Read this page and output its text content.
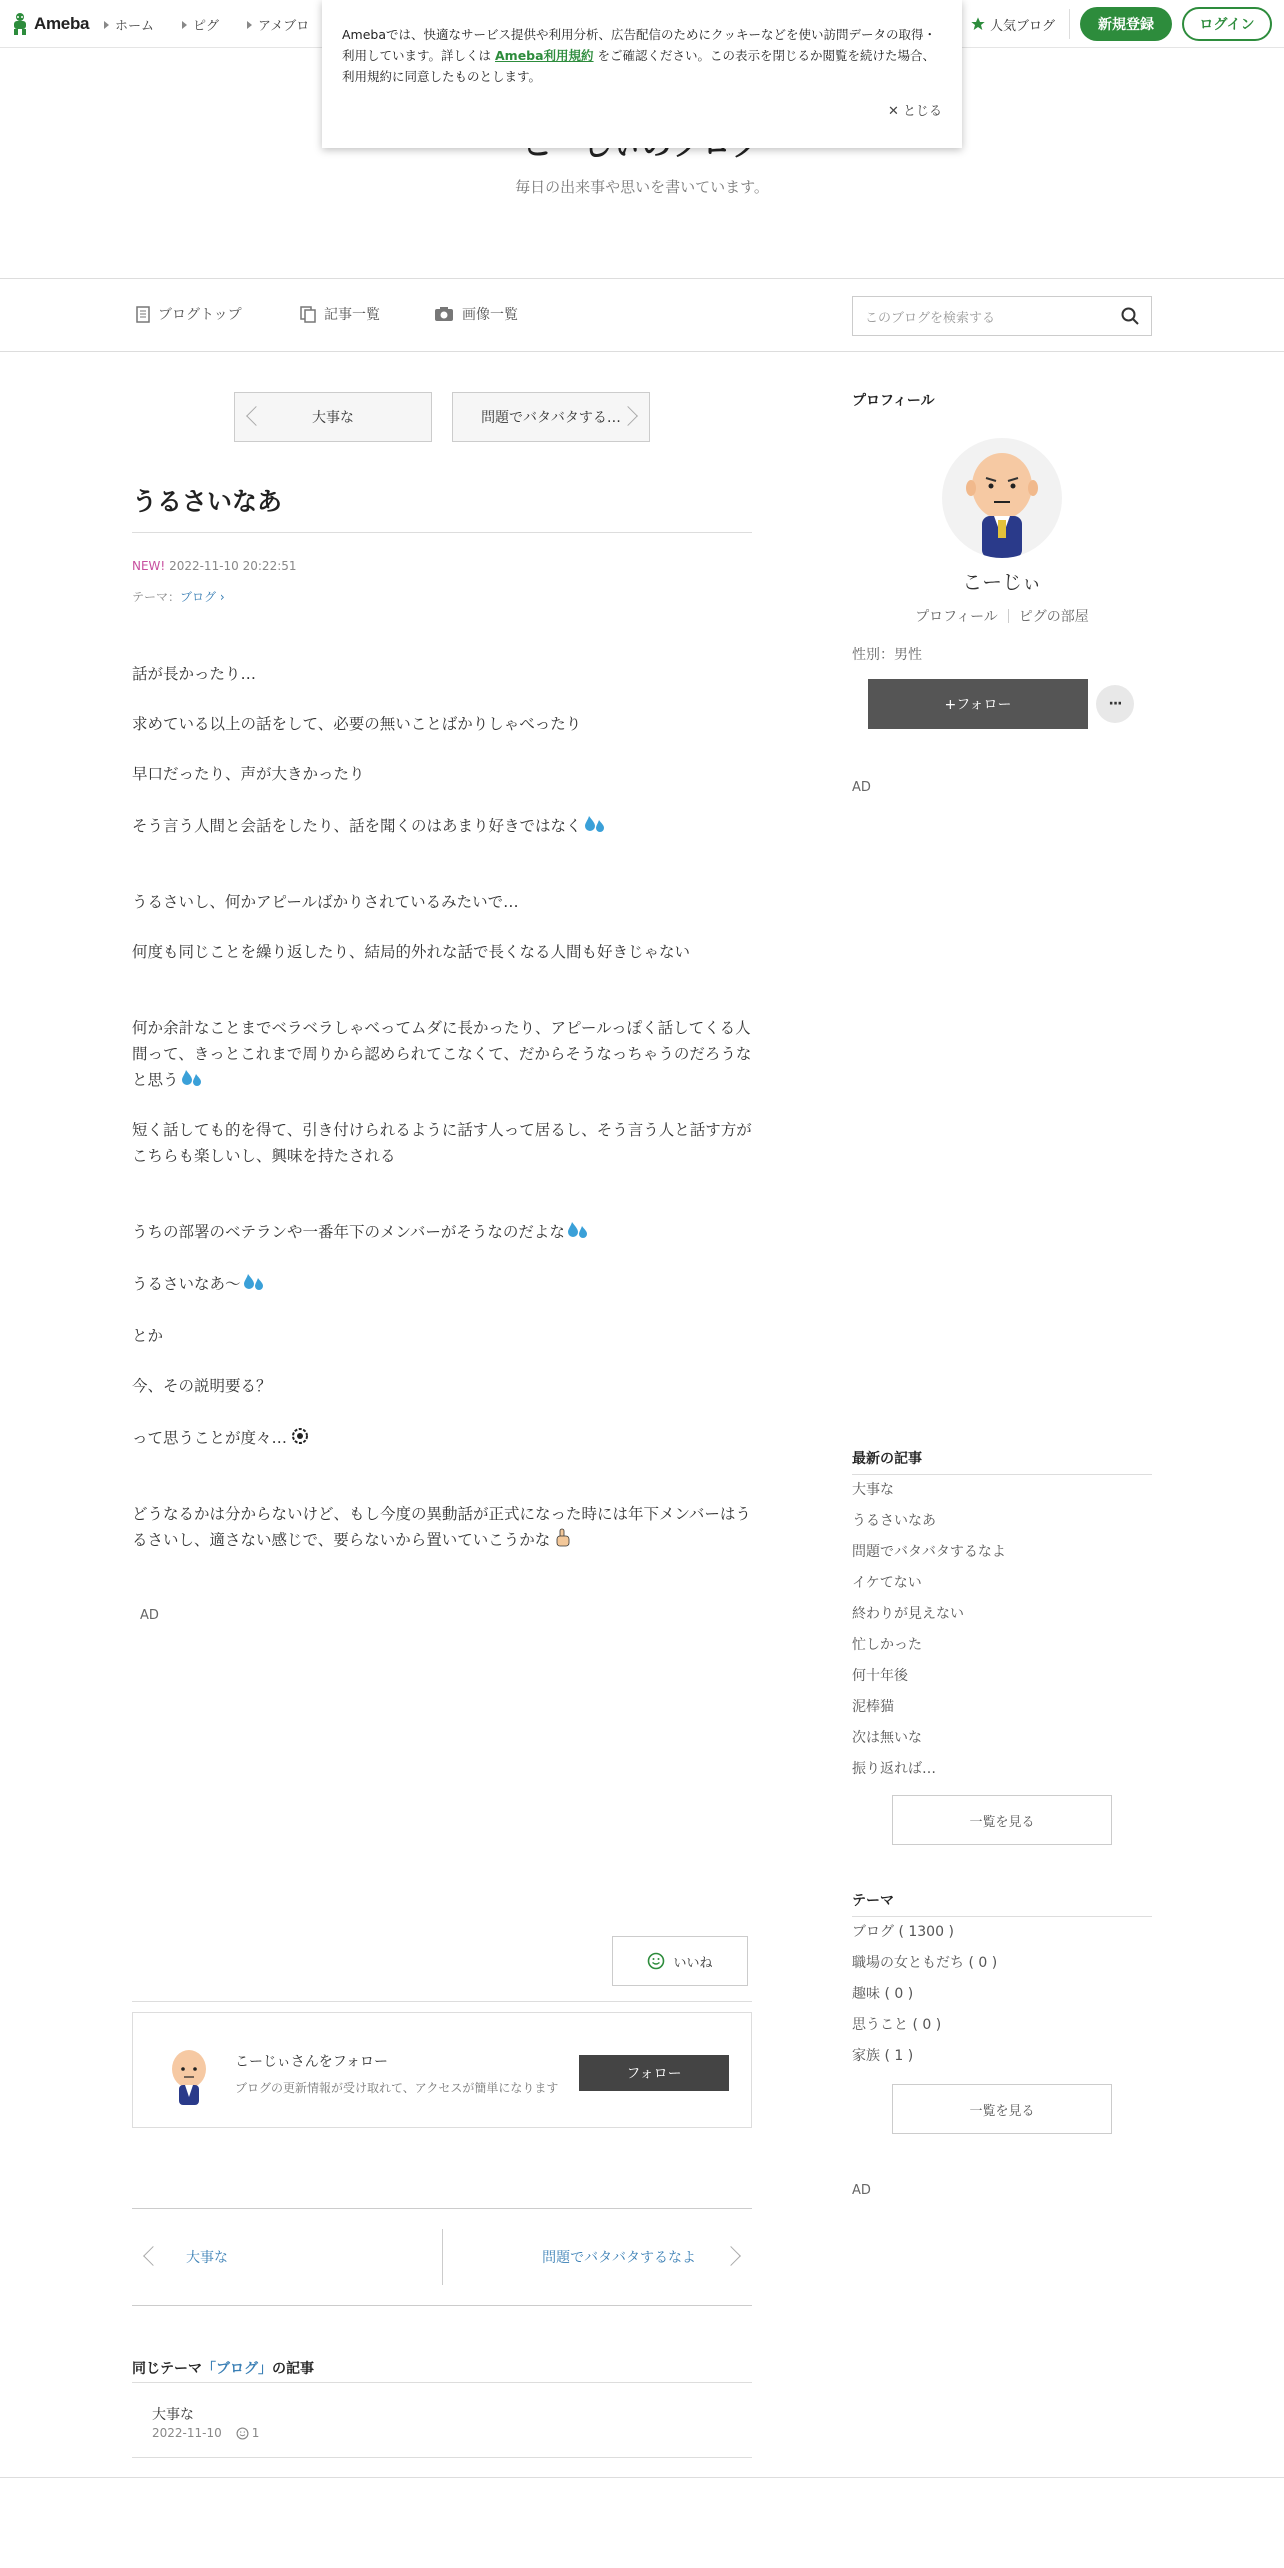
Ameba ホーム	ピグ	アメブロ	人気ブログ	新規登録	ログイン
毎日の出来事や思いを書いています。
Amebaでは、快適なサービス提供や利用分析、広告配信のためにクッキーなどを使い訪問データの取得・利用しています。詳しくは Ameba利用規約 をご確認ください。この表示を閉じるか閲覧を続けた場合、利用規約に同意したものとします。
✕ とじる
ブログトップ	記事一覧	画像一覧	このブログを検索する
大事な	問題でバタバタする…
うるさいなあ
NEW! 2022-11-10 20:22:51
テーマ：ブログ ›

話が長かったり…

求めている以上の話をして、必要の無いことばかりしゃべったり

早口だったり、声が大きかったり

そう言う人間と会話をしたり、話を聞くのはあまり好きではなく

うるさいし、何かアピールばかりされているみたいで…

何度も同じことを繰り返したり、結局的外れな話で長くなる人間も好きじゃない

何か余計なことまでベラベラしゃべってムダに長かったり、アピールっぽく話してくる人間って、きっとこれまで周りから認められてこなくて、だからそうなっちゃうのだろうなと思う

短く話しても的を得て、引き付けられるように話す人って居るし、そう言う人と話す方がこちらも楽しいし、興味を持たされる

うちの部署のベテランや一番年下のメンバーがそうなのだよな

うるさいなあ～

とか

今、その説明要る？

って思うことが度々…

どうなるかは分からないけど、もし今度の異動話が正式になった時には年下メンバーはうるさいし、適さない感じで、要らないから置いていこうかな

AD
いいね
こーじぃさんをフォロー
ブログの更新情報が受け取れて、アクセスが簡単になります
フォロー
大事な	問題でバタバタするなよ
同じテーマ「ブログ」の記事
大事な
2022-11-10	1
プロフィール
こーじぃ
プロフィール ピグの部屋
性別：男性
+フォロー	···
AD
最新の記事
大事な
うるさいなあ
問題でバタバタするなよ
イケてない
終わりが見えない
忙しかった
何十年後
泥棒猫
次は無いな
振り返れば…
一覧を見る
テーマ
ブログ ( 1300 )
職場の女ともだち ( 0 )
趣味 ( 0 )
思うこと ( 0 )
家族 ( 1 )
一覧を見る
AD
